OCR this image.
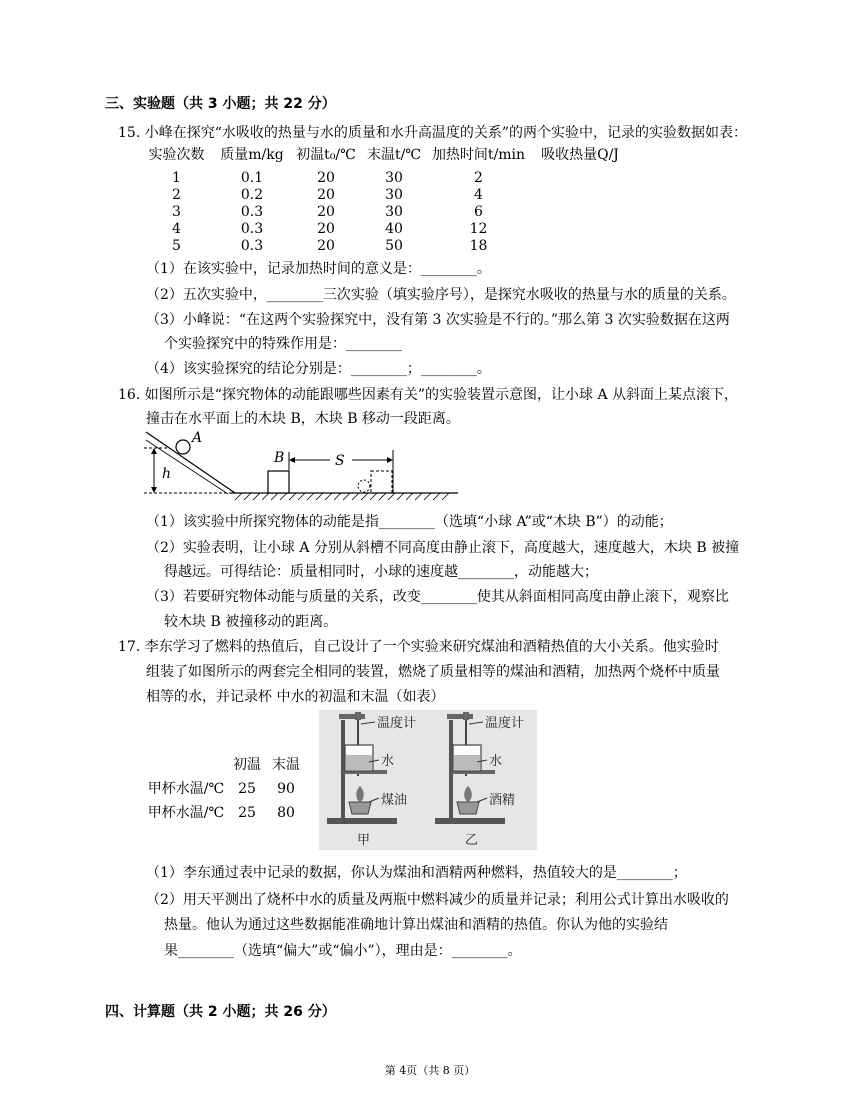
三、实验题（共 3 小题；共 22 分）
15. 小峰在探究“水吸收的热量与水的质量和水升高温度的关系”的两个实验中，记录的实验数据如表：
实验次数	质量m/kg	初温t₀/℃	末温t/℃	加热时间t/min	吸收热量Q/J

1	0.1	20	30	2	
2	0.2	20	30	4	
3	0.3	20	30	6	
4	0.3	20	40	12	
5	0.3	20	50	18	
（1）在该实验中，记录加热时间的意义是：________。
（2）五次实验中，________三次实验（填实验序号），是探究水吸收的热量与水的质量的关系。
（3）小峰说：“在这两个实验探究中，没有第 3 次实验是不行的。”那么第 3 次实验数据在这两
个实验探究中的特殊作用是：________
（4）该实验探究的结论分别是：________；________。
16. 如图所示是“探究物体的动能跟哪些因素有关”的实验装置示意图，让小球 A 从斜面上某点滚下，
撞击在水平面上的木块 B，木块 B 移动一段距离。
h
A
B	S
（1）该实验中所探究物体的动能是指________（选填“小球 A”或“木块 B”）的动能；
（2）实验表明，让小球 A 分别从斜槽不同高度由静止滚下，高度越大，速度越大，木块 B 被撞
得越远。可得结论：质量相同时，小球的速度越________，动能越大；
（3）若要研究物体动能与质量的关系，改变________使其从斜面相同高度由静止滚下，观察比
较木块 B 被撞移动的距离。
17. 李东学习了燃料的热值后，自己设计了一个实验来研究煤油和酒精热值的大小关系。他实验时
组装了如图所示的两套完全相同的装置，燃烧了质量相等的煤油和酒精，加热两个烧杯中质量
相等的水，并记录杯 中水的初温和末温（如表）
	初温	末温
甲杯水温/℃	25	90
甲杯水温/℃	25	80
温度计
水
煤油
甲
温度计
水
酒精
乙
（1）李东通过表中记录的数据，你认为煤油和酒精两种燃料，热值较大的是________；
（2）用天平测出了烧杯中水的质量及两瓶中燃料减少的质量并记录；利用公式计算出水吸收的
热量。他认为通过这些数据能准确地计算出煤油和酒精的热值。你认为他的实验结
果________（选填“偏大”或“偏小”），理由是：________。
四、计算题（共 2 小题；共 26 分）
第 4页（共 8 页）
